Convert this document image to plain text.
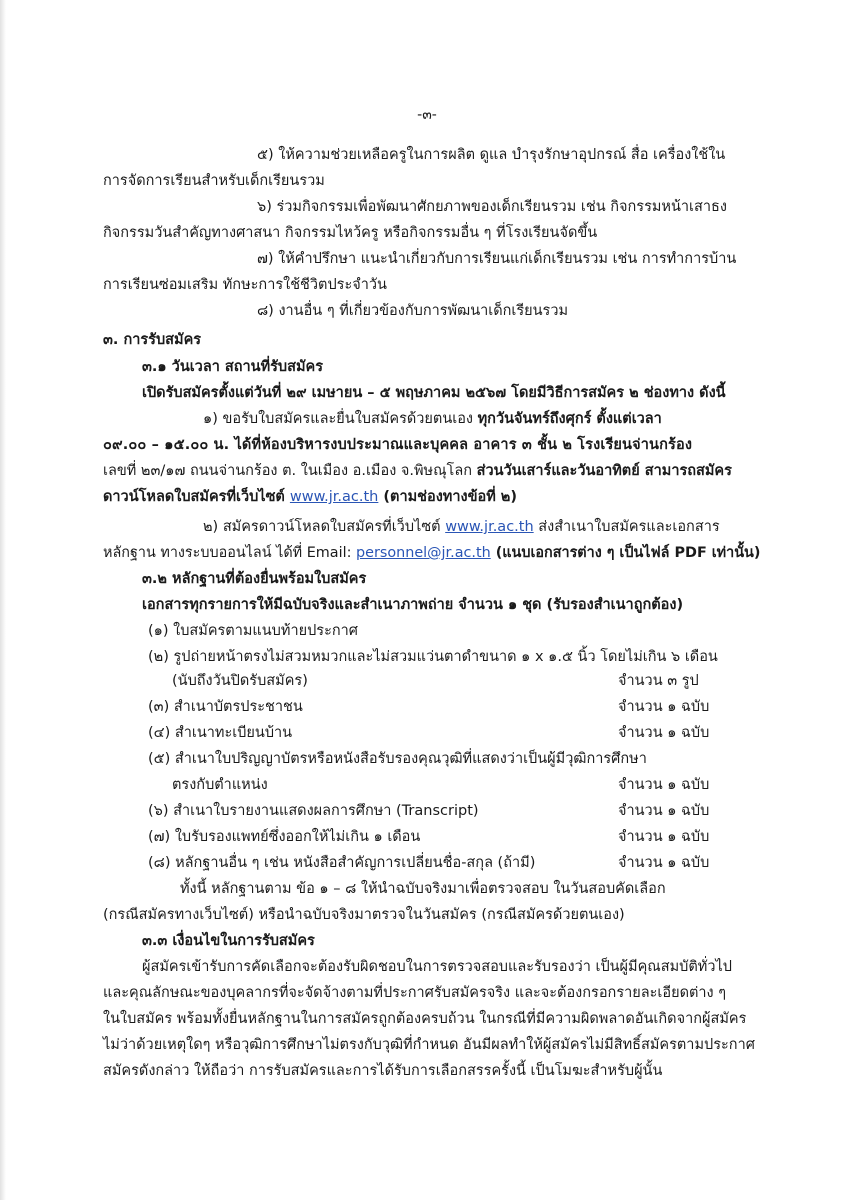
-๓-
๕) ให้ความช่วยเหลือครูในการผลิต ดูแล บำรุงรักษาอุปกรณ์ สื่อ เครื่องใช้ใน
การจัดการเรียนสำหรับเด็กเรียนรวม
๖) ร่วมกิจกรรมเพื่อพัฒนาศักยภาพของเด็กเรียนรวม เช่น กิจกรรมหน้าเสาธง
กิจกรรมวันสำคัญทางศาสนา กิจกรรมไหว้ครู หรือกิจกรรมอื่น ๆ ที่โรงเรียนจัดขึ้น
๗) ให้คำปรึกษา แนะนำเกี่ยวกับการเรียนแก่เด็กเรียนรวม เช่น การทำการบ้าน
การเรียนซ่อมเสริม ทักษะการใช้ชีวิตประจำวัน
๘) งานอื่น ๆ ที่เกี่ยวข้องกับการพัฒนาเด็กเรียนรวม
๓. การรับสมัคร
๓.๑ วันเวลา สถานที่รับสมัคร
เปิดรับสมัครตั้งแต่วันที่ ๒๙ เมษายน – ๕ พฤษภาคม ๒๕๖๗ โดยมีวิธีการสมัคร ๒ ช่องทาง ดังนี้
๑) ขอรับใบสมัครและยื่นใบสมัครด้วยตนเอง ทุกวันจันทร์ถึงศุกร์ ตั้งแต่เวลา
๐๙.๐๐ – ๑๕.๐๐ น. ได้ที่ห้องบริหารงบประมาณและบุคคล อาคาร ๓ ชั้น ๒ โรงเรียนจ่านกร้อง
เลขที่ ๒๓/๑๗ ถนนจ่านกร้อง ต. ในเมือง อ.เมือง จ.พิษณุโลก ส่วนวันเสาร์และวันอาทิตย์ สามารถสมัคร
ดาวน์โหลดใบสมัครที่เว็บไซต์ www.jr.ac.th (ตามช่องทางข้อที่ ๒)
๒) สมัครดาวน์โหลดใบสมัครที่เว็บไซต์ www.jr.ac.th ส่งสำเนาใบสมัครและเอกสาร
หลักฐาน ทางระบบออนไลน์ ได้ที่ Email: personnel@jr.ac.th (แนบเอกสารต่าง ๆ เป็นไฟล์ PDF เท่านั้น)
๓.๒ หลักฐานที่ต้องยื่นพร้อมใบสมัคร
เอกสารทุกรายการให้มีฉบับจริงและสำเนาภาพถ่าย จำนวน ๑ ชุด (รับรองสำเนาถูกต้อง)
(๑) ใบสมัครตามแนบท้ายประกาศ
(๒) รูปถ่ายหน้าตรงไม่สวมหมวกและไม่สวมแว่นตาดำขนาด ๑ x ๑.๕ นิ้ว โดยไม่เกิน ๖ เดือน
(นับถึงวันปิดรับสมัคร)	จำนวน ๓ รูป
(๓) สำเนาบัตรประชาชน	จำนวน ๑ ฉบับ
(๔) สำเนาทะเบียนบ้าน	จำนวน ๑ ฉบับ
(๕) สำเนาใบปริญญาบัตรหรือหนังสือรับรองคุณวุฒิที่แสดงว่าเป็นผู้มีวุฒิการศึกษา
ตรงกับตำแหน่ง	จำนวน ๑ ฉบับ
(๖) สำเนาใบรายงานแสดงผลการศึกษา (Transcript)	จำนวน ๑ ฉบับ
(๗) ใบรับรองแพทย์ซึ่งออกให้ไม่เกิน ๑ เดือน	จำนวน ๑ ฉบับ
(๘) หลักฐานอื่น ๆ เช่น หนังสือสำคัญการเปลี่ยนชื่อ-สกุล (ถ้ามี)	จำนวน ๑ ฉบับ
ทั้งนี้ หลักฐานตาม ข้อ ๑ – ๘ ให้นำฉบับจริงมาเพื่อตรวจสอบ ในวันสอบคัดเลือก
(กรณีสมัครทางเว็บไซต์) หรือนำฉบับจริงมาตรวจในวันสมัคร (กรณีสมัครด้วยตนเอง)
๓.๓ เงื่อนไขในการรับสมัคร
ผู้สมัครเข้ารับการคัดเลือกจะต้องรับผิดชอบในการตรวจสอบและรับรองว่า เป็นผู้มีคุณสมบัติทั่วไป
และคุณลักษณะของบุคลากรที่จะจัดจ้างตามที่ประกาศรับสมัครจริง และจะต้องกรอกรายละเอียดต่าง ๆ
ในใบสมัคร พร้อมทั้งยื่นหลักฐานในการสมัครถูกต้องครบถ้วน ในกรณีที่มีความผิดพลาดอันเกิดจากผู้สมัคร
ไม่ว่าด้วยเหตุใดๆ หรือวุฒิการศึกษาไม่ตรงกับวุฒิที่กำหนด อันมีผลทำให้ผู้สมัครไม่มีสิทธิ์สมัครตามประกาศ
สมัครดังกล่าว ให้ถือว่า การรับสมัครและการได้รับการเลือกสรรครั้งนี้ เป็นโมฆะสำหรับผู้นั้น
